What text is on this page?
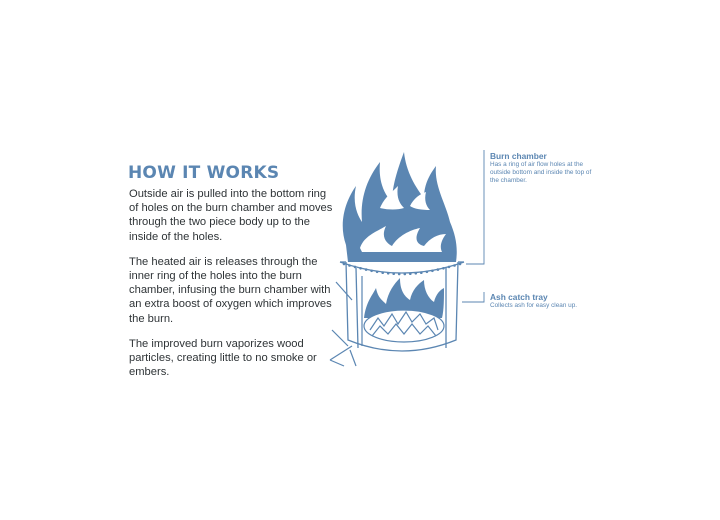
HOW IT WORKS

Outside air is pulled into the bottom ring of holes on the burn chamber and moves through the two piece body up to the inside of the holes.

The heated air is releases through the inner ring of the holes into the burn chamber, infusing the burn chamber with an extra boost of oxygen which improves the burn.

The improved burn vaporizes wood particles, creating little to no smoke or embers.

Burn chamber

Has a ring of air flow holes at the outside bottom and inside the top of the chamber.

Ash catch tray

Collects ash for easy clean up.
